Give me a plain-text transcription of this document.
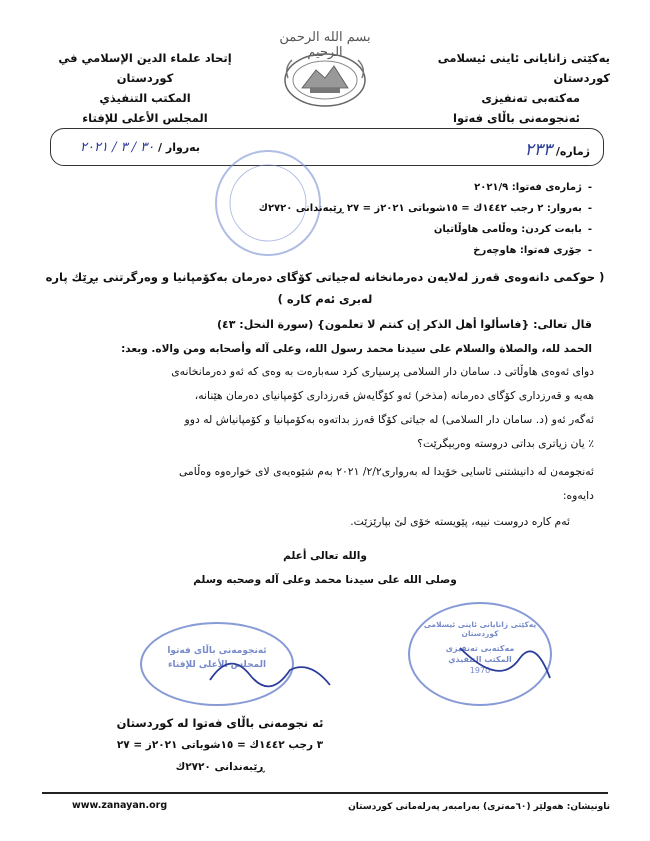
یەکێتی زانایانی ئاینی ئیسلامی كوردستان
مەكتەبی تەنفیزی
ئەنجومەنی باڵای فەتوا
إتحاد علماء الدين الإسلامي في كوردستان
المكتب التنفيذي
المجلس الأعلى للإفتاء
بسم الله الرحمن الرحيم
ژمارە/ ٢٣٣
بەروار / ٣٠ / ٣ / ٢٠٢١
-ژمارەی فەتوا: ٢٠٢١/٩
-بەروار: ٢ رجب ١٤٤٢ك = ١٥شوباتی ٢٠٢١ز = ٢٧ ڕێبەندانی ٢٧٢٠ك
-بابەت كردن: وەڵامی هاوڵاتیان
-جۆری فەتوا: هاوچەرخ
( حوكمی دانەوەی قەرز لەلایەن دەرمانخانە لەجیاتی كۆگای دەرمان بەكۆمپانیا و وەرگرتنی بڕێك پارە لەبری ئەم كارە )
قال تعالى: {فاسألوا أهل الذكر إن كنتم لا تعلمون} (سورة النحل: ٤٣)
الحمد لله، والصلاة والسلام على سيدنا محمد رسول الله، وعلى آله وأصحابه ومن والاه. وبعد:
دوای ئەوەی هاوڵاتی د. سامان دار السلامی پرسیاری كرد سەبارەت بە وەی كە ئەو دەرمانخانەی
هەیە و قەرزداری كۆگای دەرمانە (مذخر) ئەو كۆگایەش قەرزداری كۆمپانیای دەرمان هێنانە،
ئەگەر ئەو (د. سامان دار السلامی) لە جیاتی كۆگا قەرز بداتەوە بەكۆمپانیا و كۆمپانیاش لە دوو
٪ یان زیاتری بداتی دروستە وەربیگرێت؟
ئەنجومەن لە دانیشتنی ئاسایی خۆیدا لە بەرواری٢/٢/ ٢٠٢١ بەم شێوەیەی لای خوارەوە وەڵامی
دایەوە:
ئەم كارە دروست نییە، پێویستە خۆی لێ بپارێزێت.
والله تعالى أعلم
وصلى الله على سيدنا محمد وعلى آله وصحبه وسلم
ئەنجومەنی باڵای فەتوا
المجلس الأعلى للإفتاء
یەكێتی زانایانی ئاینی ئیسلامی كوردستان
مەكتەبی تەنفیزی
المكتب التنفيذي
1970
ئە نجومەنی باڵای فەتوا لە كوردستان
٣ رجب ١٤٤٢ك = ١٥شوباتی ٢٠٢١ز = ٢٧ ڕێبەندانی ٢٧٢٠ك
www.zanayan.org	ناونیشان: هەولێر (٦٠مەتری) بەرامبەر پەرلەمانی كوردستان
